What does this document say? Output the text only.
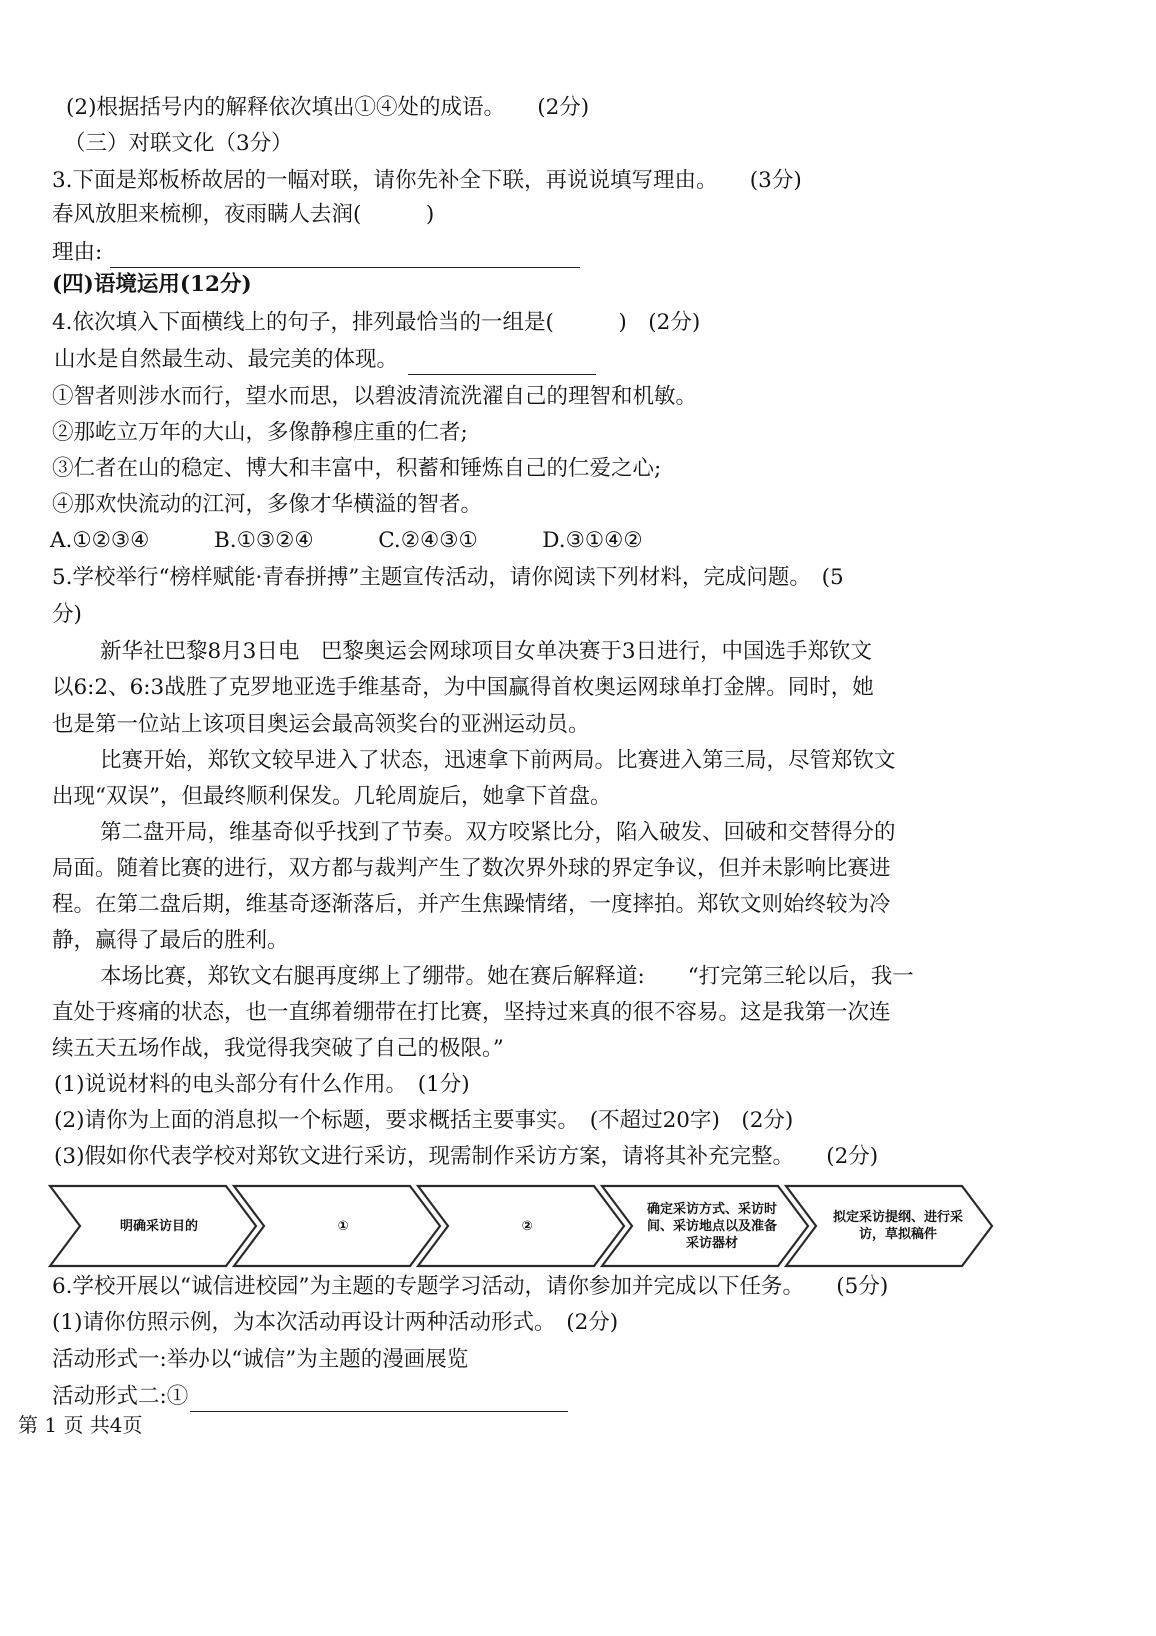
(2)根据括号内的解释依次填出①④处的成语。　　(2分)
（三）对联文化（3分）
3.下面是郑板桥故居的一幅对联，请你先补全下联，再说说填写理由。　　(3分)
春风放胆来梳柳，夜雨瞒人去润(　　　)
理由:
(四)语境运用(12分)
4.依次填入下面横线上的句子，排列最恰当的一组是(　　　)　(2分)
山水是自然最生动、最完美的体现。
①智者则涉水而行，望水而思，以碧波清流洗濯自己的理智和机敏。
②那屹立万年的大山，多像静穆庄重的仁者;
③仁者在山的稳定、博大和丰富中，积蓄和锤炼自己的仁爱之心;
④那欢快流动的江河，多像才华横溢的智者。
A.①②③④　　　B.①③②④　　　C.②④③①　　　D.③①④②
5.学校举行“榜样赋能·青春拼搏”主题宣传活动，请你阅读下列材料，完成问题。　(5
分)
新华社巴黎8月3日电　巴黎奥运会网球项目女单决赛于3日进行，中国选手郑钦文
以6:2、6:3战胜了克罗地亚选手维基奇，为中国赢得首枚奥运网球单打金牌。同时，她
也是第一位站上该项目奥运会最高领奖台的亚洲运动员。
比赛开始，郑钦文较早进入了状态，迅速拿下前两局。比赛进入第三局，尽管郑钦文
出现“双误”，但最终顺利保发。几轮周旋后，她拿下首盘。
第二盘开局，维基奇似乎找到了节奏。双方咬紧比分，陷入破发、回破和交替得分的
局面。随着比赛的进行，双方都与裁判产生了数次界外球的界定争议，但并未影响比赛进
程。在第二盘后期，维基奇逐渐落后，并产生焦躁情绪，一度摔拍。郑钦文则始终较为冷
静，赢得了最后的胜利。
本场比赛，郑钦文右腿再度绑上了绷带。她在赛后解释道:　　“打完第三轮以后，我一
直处于疼痛的状态，也一直绑着绷带在打比赛，坚持过来真的很不容易。这是我第一次连
续五天五场作战，我觉得我突破了自己的极限。”
(1)说说材料的电头部分有什么作用。　(1分)
(2)请你为上面的消息拟一个标题，要求概括主要事实。　(不超过20字)　(2分)
(3)假如你代表学校对郑钦文进行采访，现需制作采访方案，请将其补充完整。　　(2分)
明确采访目的	①	②
确定采访方式、采访时间、采访地点以及准备采访器材
拟定采访提纲、进行采访，草拟稿件
6.学校开展以“诚信进校园”为主题的专题学习活动，请你参加并完成以下任务。　　(5分)
(1)请你仿照示例，为本次活动再设计两种活动形式。　(2分)
活动形式一:举办以“诚信”为主题的漫画展览
活动形式二:①
第 1 页 共4页
